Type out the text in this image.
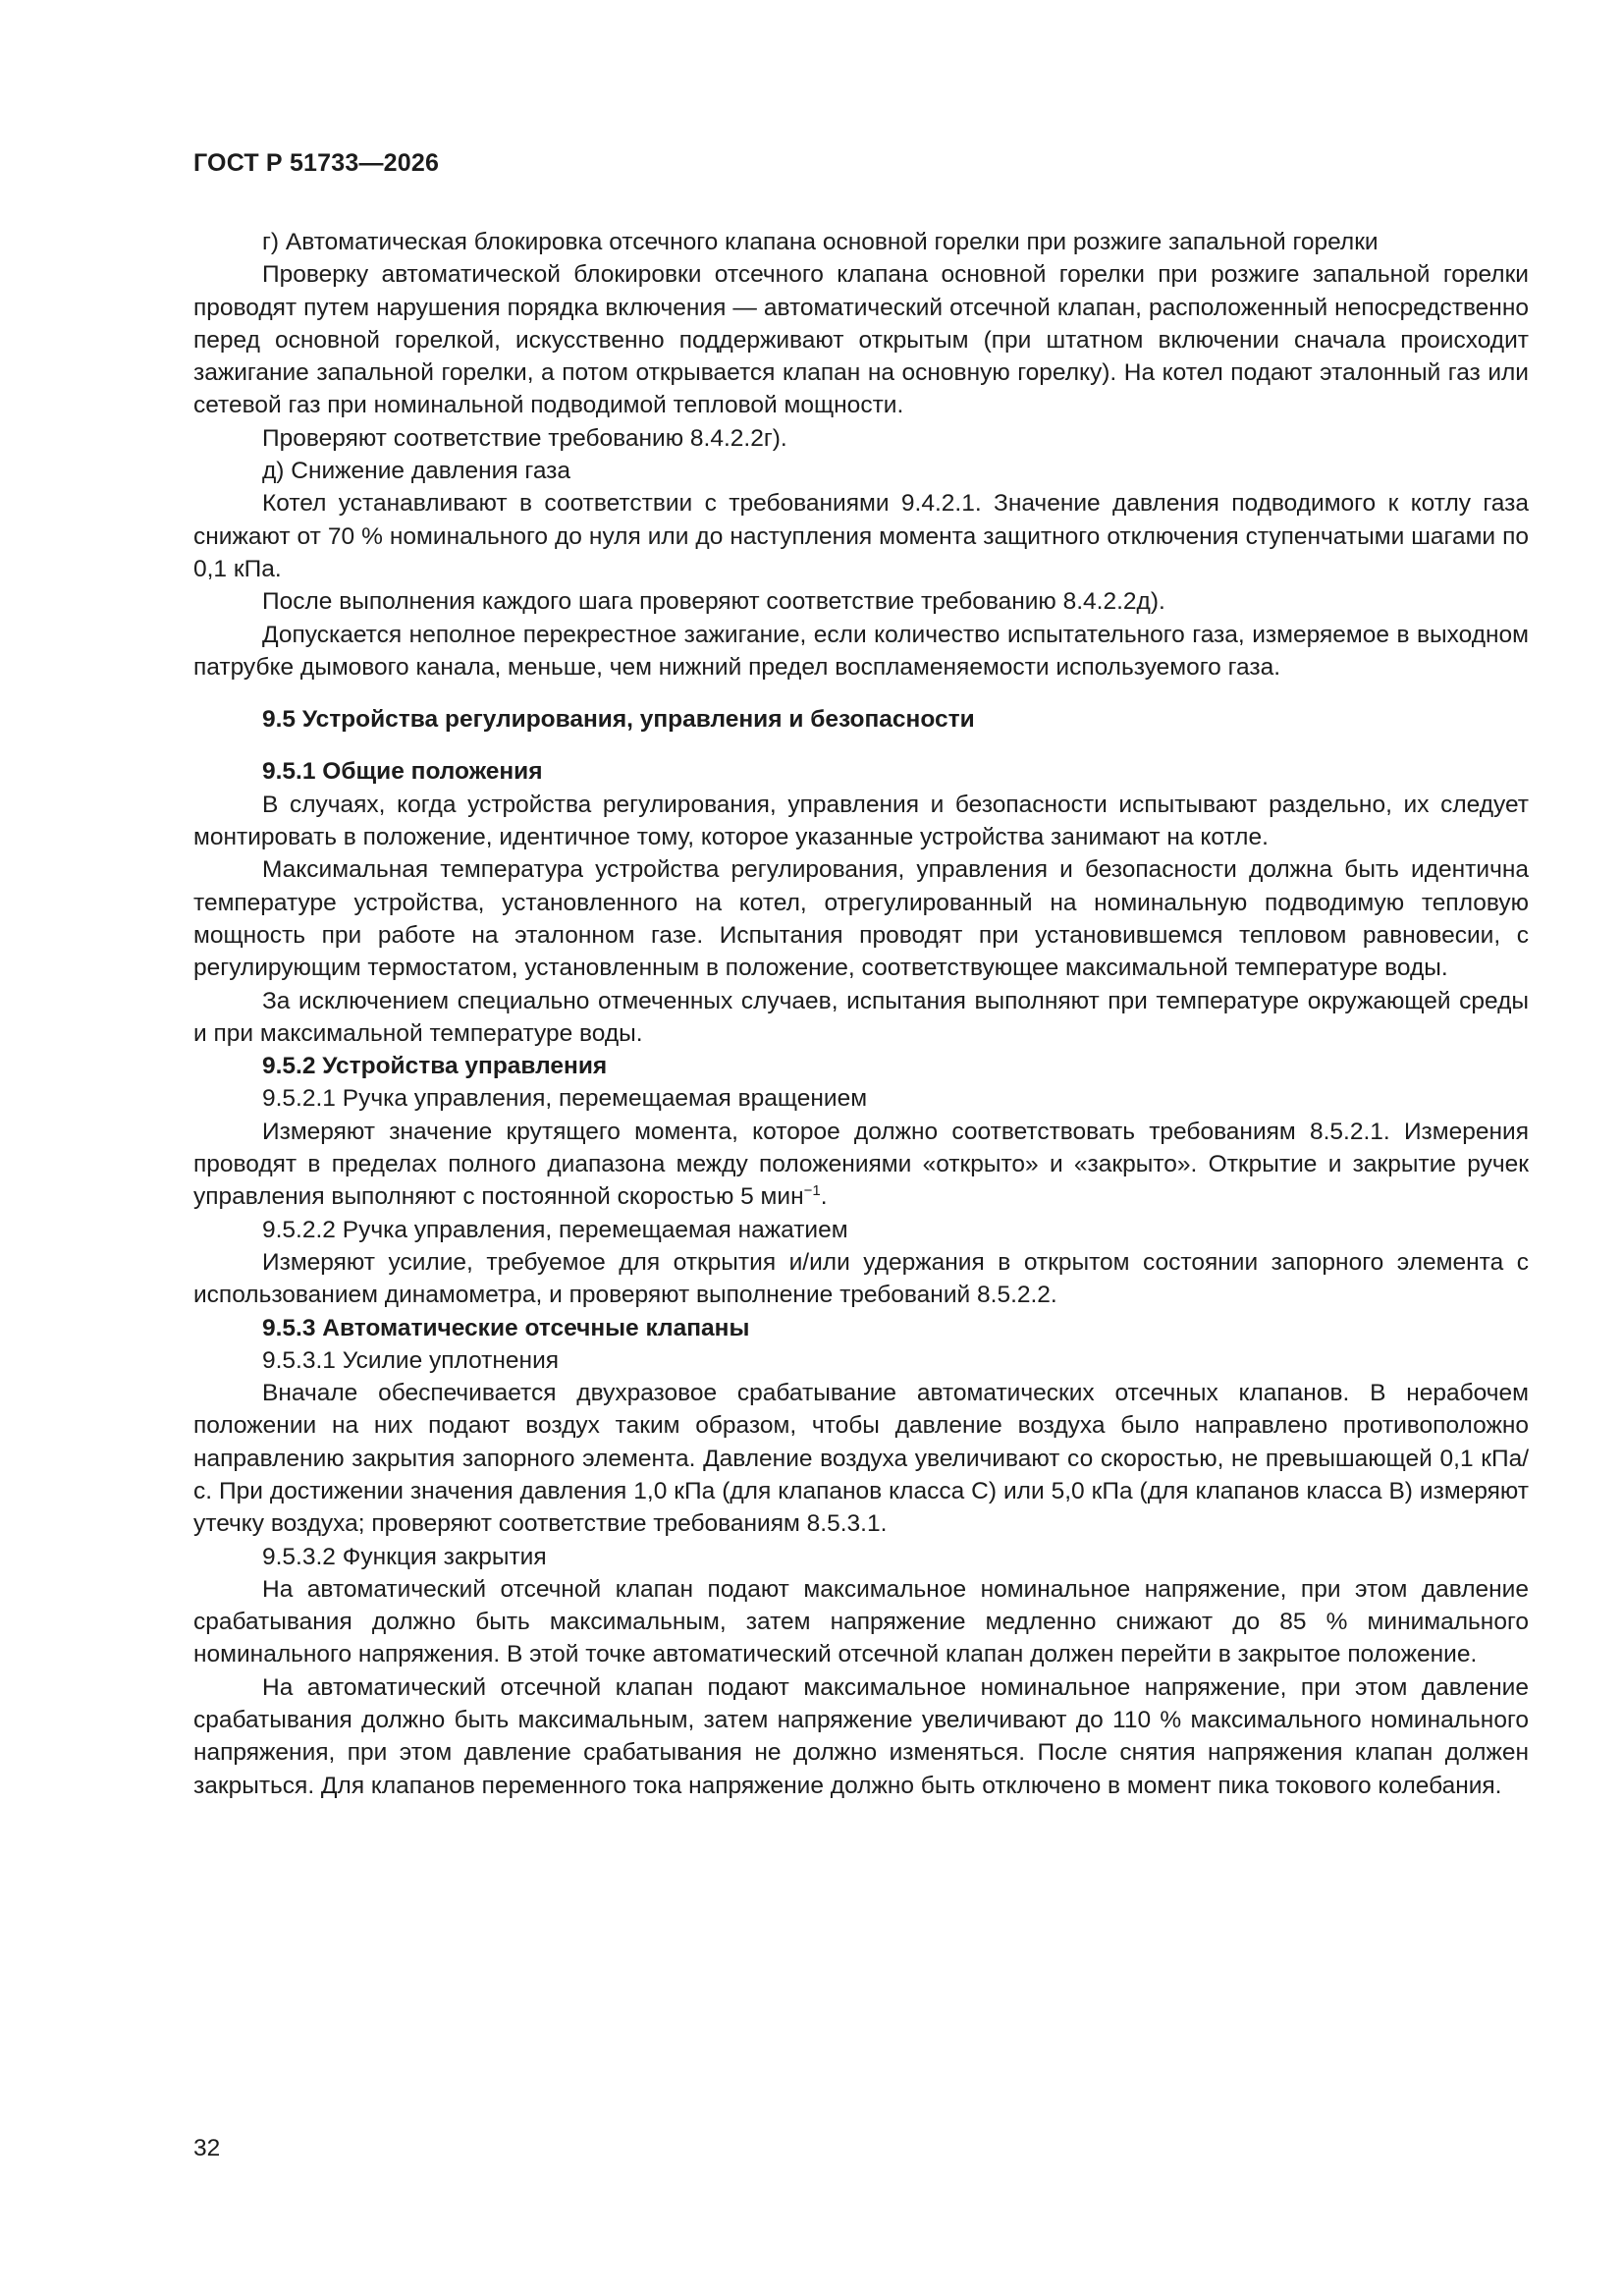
ГОСТ Р 51733—2026

г) Автоматическая блокировка отсечного клапана основной горелки при розжиге запальной горелки

Проверку автоматической блокировки отсечного клапана основной горелки при розжиге запальной горелки проводят путем нарушения порядка включения — автоматический отсечной клапан, расположенный непосредственно перед основной горелкой, искусственно поддерживают открытым (при штатном включении сначала происходит зажигание запальной горелки, а потом открывается клапан на основную горелку). На котел подают эталонный газ или сетевой газ при номинальной подводимой тепловой мощности.

Проверяют соответствие требованию 8.4.2.2г).

д) Снижение давления газа

Котел устанавливают в соответствии с требованиями 9.4.2.1. Значение давления подводимого к котлу газа снижают от 70 % номинального до нуля или до наступления момента защитного отключения ступенчатыми шагами по 0,1 кПа.

После выполнения каждого шага проверяют соответствие требованию 8.4.2.2д).

Допускается неполное перекрестное зажигание, если количество испытательного газа, измеряемое в выходном патрубке дымового канала, меньше, чем нижний предел воспламеняемости используемого газа.

9.5 Устройства регулирования, управления и безопасности

9.5.1 Общие положения

В случаях, когда устройства регулирования, управления и безопасности испытывают раздельно, их следует монтировать в положение, идентичное тому, которое указанные устройства занимают на котле.

Максимальная температура устройства регулирования, управления и безопасности должна быть идентична температуре устройства, установленного на котел, отрегулированный на номинальную подводимую тепловую мощность при работе на эталонном газе. Испытания проводят при установившемся тепловом равновесии, с регулирующим термостатом, установленным в положение, соответствующее максимальной температуре воды.

За исключением специально отмеченных случаев, испытания выполняют при температуре окружающей среды и при максимальной температуре воды.

9.5.2 Устройства управления

9.5.2.1 Ручка управления, перемещаемая вращением

Измеряют значение крутящего момента, которое должно соответствовать требованиям 8.5.2.1. Измерения проводят в пределах полного диапазона между положениями «открыто» и «закрыто». Открытие и закрытие ручек управления выполняют с постоянной скоростью 5 мин$^{-1}$.

9.5.2.2 Ручка управления, перемещаемая нажатием

Измеряют усилие, требуемое для открытия и/или удержания в открытом состоянии запорного элемента с использованием динамометра, и проверяют выполнение требований 8.5.2.2.

9.5.3 Автоматические отсечные клапаны

9.5.3.1 Усилие уплотнения

Вначале обеспечивается двухразовое срабатывание автоматических отсечных клапанов. В нерабочем положении на них подают воздух таким образом, чтобы давление воздуха было направлено противоположно направлению закрытия запорного элемента. Давление воздуха увеличивают со скоростью, не превышающей 0,1 кПа/с. При достижении значения давления 1,0 кПа (для клапанов класса С) или 5,0 кПа (для клапанов класса В) измеряют утечку воздуха; проверяют соответствие требованиям 8.5.3.1.

9.5.3.2 Функция закрытия

На автоматический отсечной клапан подают максимальное номинальное напряжение, при этом давление срабатывания должно быть максимальным, затем напряжение медленно снижают до 85 % минимального номинального напряжения. В этой точке автоматический отсечной клапан должен перейти в закрытое положение.

На автоматический отсечной клапан подают максимальное номинальное напряжение, при этом давление срабатывания должно быть максимальным, затем напряжение увеличивают до 110 % максимального номинального напряжения, при этом давление срабатывания не должно изменяться. После снятия напряжения клапан должен закрыться. Для клапанов переменного тока напряжение должно быть отключено в момент пика токового колебания.

32
